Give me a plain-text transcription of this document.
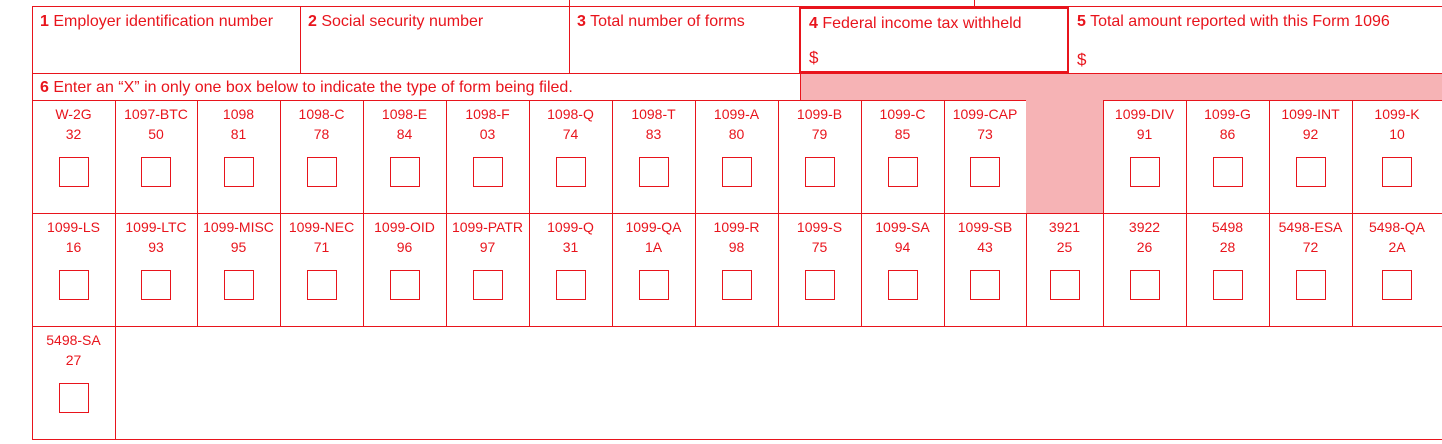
1 Employer identification number	2 Social security number	3 Total number of forms	4 Federal income tax withheld
$
5 Total amount reported with this Form 1096
$
6 Enter an “X” in only one box below to indicate the type of form being filed.
W-2G
32
1097-BTC
50
1098
81
1098-C
78
1098-E
84
1098-F
03
1098-Q
74
1098-T
83
1099-A
80
1099-B
79
1099-C
85
1099-CAP
73
1099-DIV
91
1099-G
86
1099-INT
92
1099-K
10
1099-LS
16
1099-LTC
93
1099-MISC
95
1099-NEC
71
1099-OID
96
1099-PATR
97
1099-Q
31
1099-QA
1A
1099-R
98
1099-S
75
1099-SA
94
1099-SB
43
3921
25
3922
26
5498
28
5498-ESA
72
5498-QA
2A
5498-SA
27
